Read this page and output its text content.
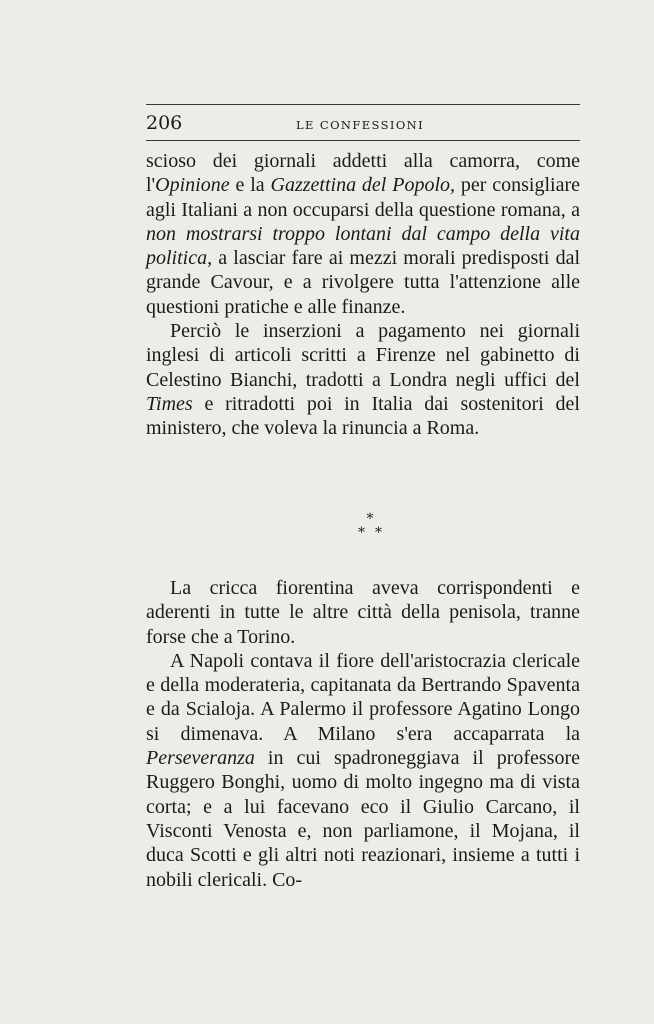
206	LE CONFESSIONI

scioso dei giornali addetti alla camorra, come l'Opinione e la Gazzettina del Popolo, per consigliare agli Italiani a non occuparsi della questione romana, a non mostrarsi troppo lontani dal campo della vita politica, a lasciar fare ai mezzi morali predisposti dal grande Cavour, e a rivolgere tutta l'attenzione alle questioni pratiche e alle finanze.

Perciò le inserzioni a pagamento nei giornali inglesi di articoli scritti a Firenze nel gabinetto di Celestino Bianchi, tradotti a Londra negli uffici del Times e ritradotti poi in Italia dai sostenitori del ministero, che voleva la rinuncia a Roma.

*
**

La cricca fiorentina aveva corrispondenti e aderenti in tutte le altre città della penisola, tranne forse che a Torino.

A Napoli contava il fiore dell'aristocrazia clericale e della moderateria, capitanata da Bertrando Spaventa e da Scialoja. A Palermo il professore Agatino Longo si dimenava. A Milano s'era accaparrata la Perseveranza in cui spadroneggiava il professore Ruggero Bonghi, uomo di molto ingegno ma di vista corta; e a lui facevano eco il Giulio Carcano, il Visconti Venosta e, non parliamone, il Mojana, il duca Scotti e gli altri noti reazionari, insieme a tutti i nobili clericali. Co-
